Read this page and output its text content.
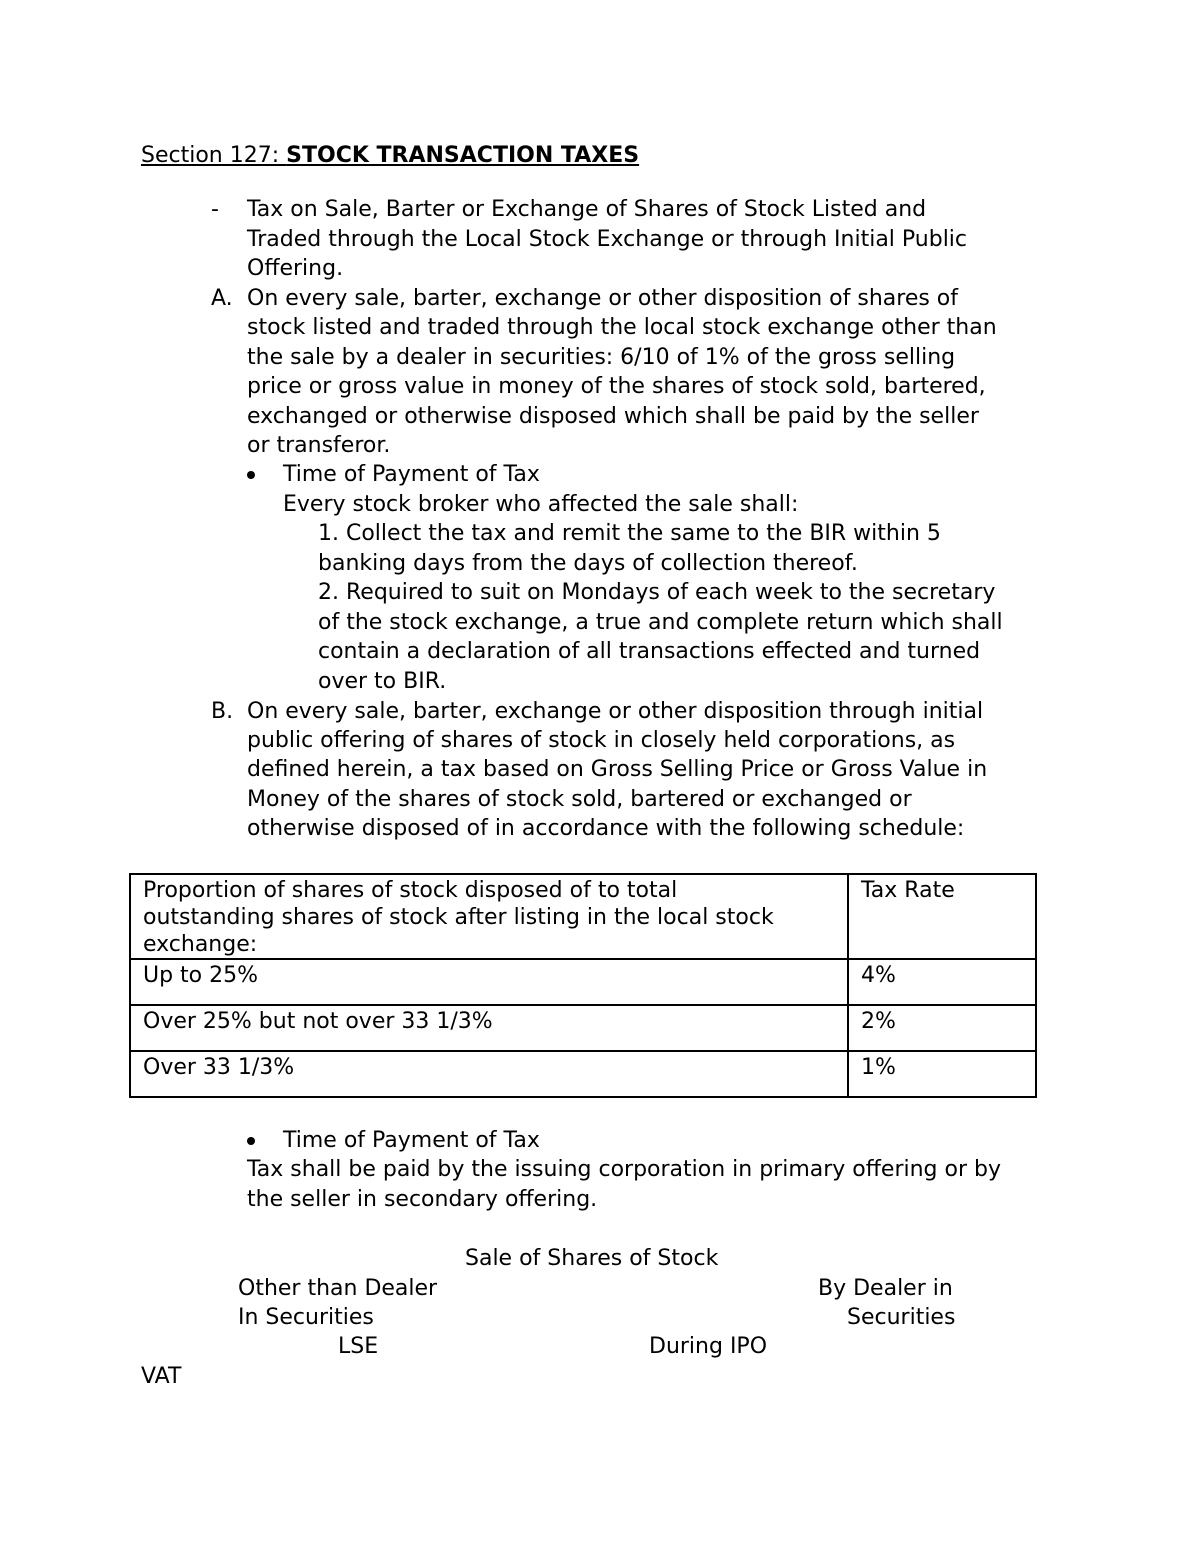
Section 127: STOCK TRANSACTION TAXES
- Tax on Sale, Barter or Exchange of Shares of Stock Listed and
Traded through the Local Stock Exchange or through Initial Public
Offering.
A. On every sale, barter, exchange or other disposition of shares of
stock listed and traded through the local stock exchange other than
the sale by a dealer in securities: 6/10 of 1% of the gross selling
price or gross value in money of the shares of stock sold, bartered,
exchanged or otherwise disposed which shall be paid by the seller
or transferor.
Time of Payment of Tax
Every stock broker who affected the sale shall:
1. Collect the tax and remit the same to the BIR within 5
banking days from the days of collection thereof.
2. Required to suit on Mondays of each week to the secretary
of the stock exchange, a true and complete return which shall
contain a declaration of all transactions effected and turned
over to BIR.
B. On every sale, barter, exchange or other disposition through initial
public offering of shares of stock in closely held corporations, as
defined herein, a tax based on Gross Selling Price or Gross Value in
Money of the shares of stock sold, bartered or exchanged or
otherwise disposed of in accordance with the following schedule:
Proportion of shares of stock disposed of to total
outstanding shares of stock after listing in the local stock
exchange:	Tax Rate
Up to 25%	4%
Over 25% but not over 33 1/3%	2%
Over 33 1/3%	1%
Time of Payment of Tax
Tax shall be paid by the issuing corporation in primary offering or by
the seller in secondary offering.
Sale of Shares of Stock
Other than Dealer
In Securities
By Dealer in
Securities
LSE	During IPO
VAT
